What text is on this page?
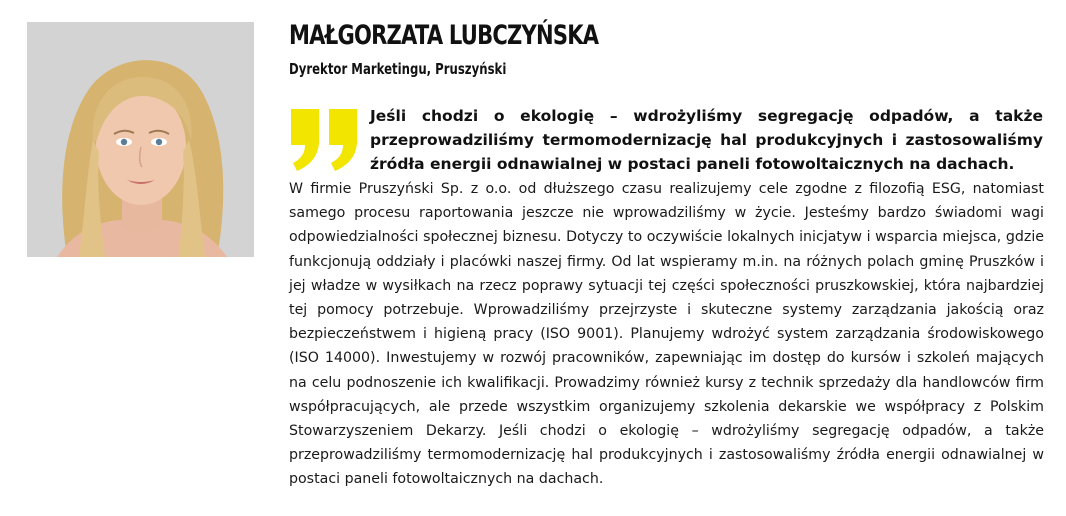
MAŁGORZATA LUBCZYŃSKA
Dyrektor Marketingu, Pruszyński

Jeśli chodzi o ekologię – wdrożyliśmy segregację odpadów, a także przeprowadziliśmy termomodernizację hal produkcyjnych i zastosowaliśmy źródła energii odnawialnej w postaci paneli fotowoltaicznych na dachach.

W firmie Pruszyński Sp. z o.o. od dłuższego czasu realizujemy cele zgodne z filozofią ESG, natomiast samego procesu raportowania jeszcze nie wprowadziliśmy w życie. Jesteśmy bardzo świadomi wagi odpowiedzialności społecznej biznesu. Dotyczy to oczywiście lokalnych inicjatyw i wsparcia miejsca, gdzie funkcjonują oddziały i placówki naszej firmy. Od lat wspieramy m.in. na różnych polach gminę Pruszków i jej władze w wysiłkach na rzecz poprawy sytuacji tej części społeczności pruszkowskiej, która najbardziej tej pomocy potrzebuje. Wprowadziliśmy przejrzyste i skuteczne systemy zarządzania jakością oraz bezpieczeństwem i higieną pracy (ISO 9001). Planujemy wdrożyć system zarządzania środowiskowego (ISO 14000). Inwestujemy w rozwój pracowników, zapewniając im dostęp do kursów i szkoleń mających na celu podnoszenie ich kwalifikacji. Prowadzimy również kursy z technik sprzedaży dla handlowców firm współpracujących, ale przede wszystkim organizujemy szkolenia dekarskie we współpracy z Polskim Stowarzyszeniem Dekarzy. Jeśli chodzi o ekologię – wdrożyliśmy segregację odpadów, a także przeprowadziliśmy termomodernizację hal produkcyjnych i zastosowaliśmy źródła energii odnawialnej w postaci paneli fotowoltaicznych na dachach.
